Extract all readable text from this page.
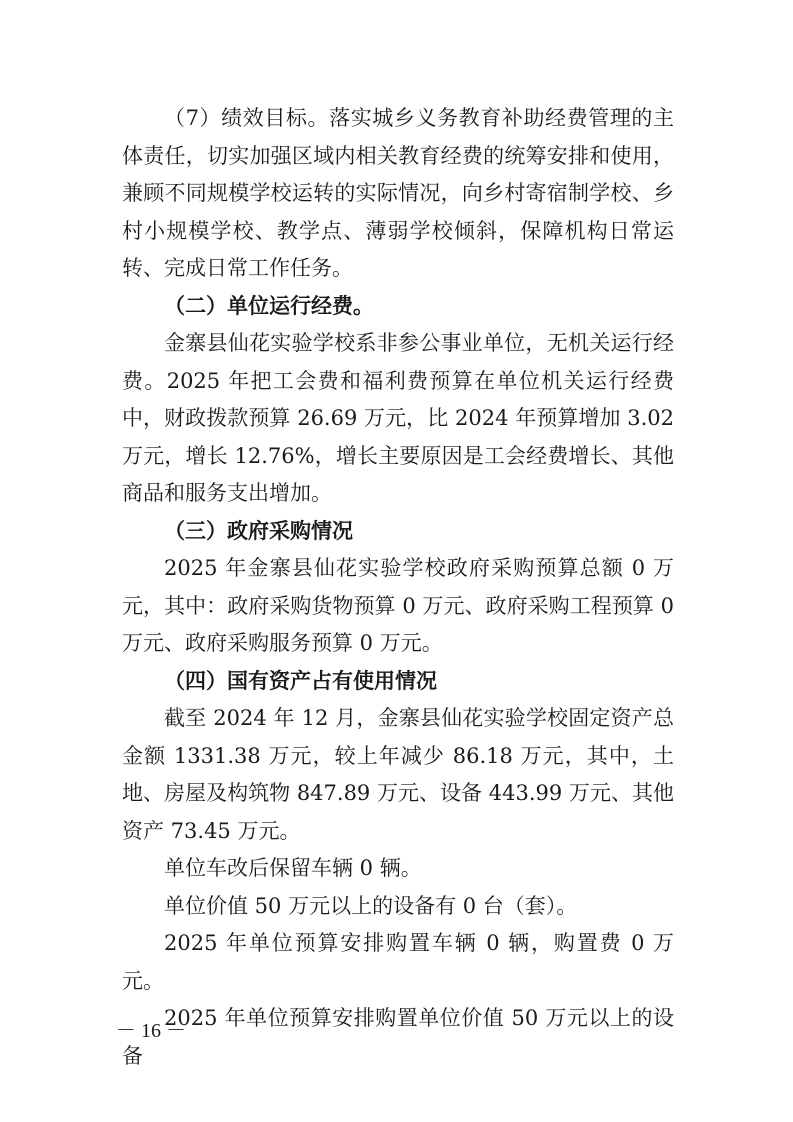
（7）绩效目标。落实城乡义务教育补助经费管理的主体责任，切实加强区域内相关教育经费的统筹安排和使用，兼顾不同规模学校运转的实际情况，向乡村寄宿制学校、乡村小规模学校、教学点、薄弱学校倾斜，保障机构日常运转、完成日常工作任务。

（二）单位运行经费。

金寨县仙花实验学校系非参公事业单位，无机关运行经费。2025 年把工会费和福利费预算在单位机关运行经费中，财政拨款预算 26.69 万元，比 2024 年预算增加 3.02 万元，增长 12.76%，增长主要原因是工会经费增长、其他商品和服务支出增加。

（三）政府采购情况

2025 年金寨县仙花实验学校政府采购预算总额 0 万元，其中：政府采购货物预算 0 万元、政府采购工程预算 0 万元、政府采购服务预算 0 万元。

（四）国有资产占有使用情况

截至 2024 年 12 月，金寨县仙花实验学校固定资产总金额 1331.38 万元，较上年减少 86.18 万元，其中，土地、房屋及构筑物 847.89 万元、设备 443.99 万元、其他资产 73.45 万元。

单位车改后保留车辆 0 辆。

单位价值 50 万元以上的设备有 0 台（套）。

2025 年单位预算安排购置车辆 0 辆，购置费 0 万元。

2025 年单位预算安排购置单位价值 50 万元以上的设备

－ 16 －
